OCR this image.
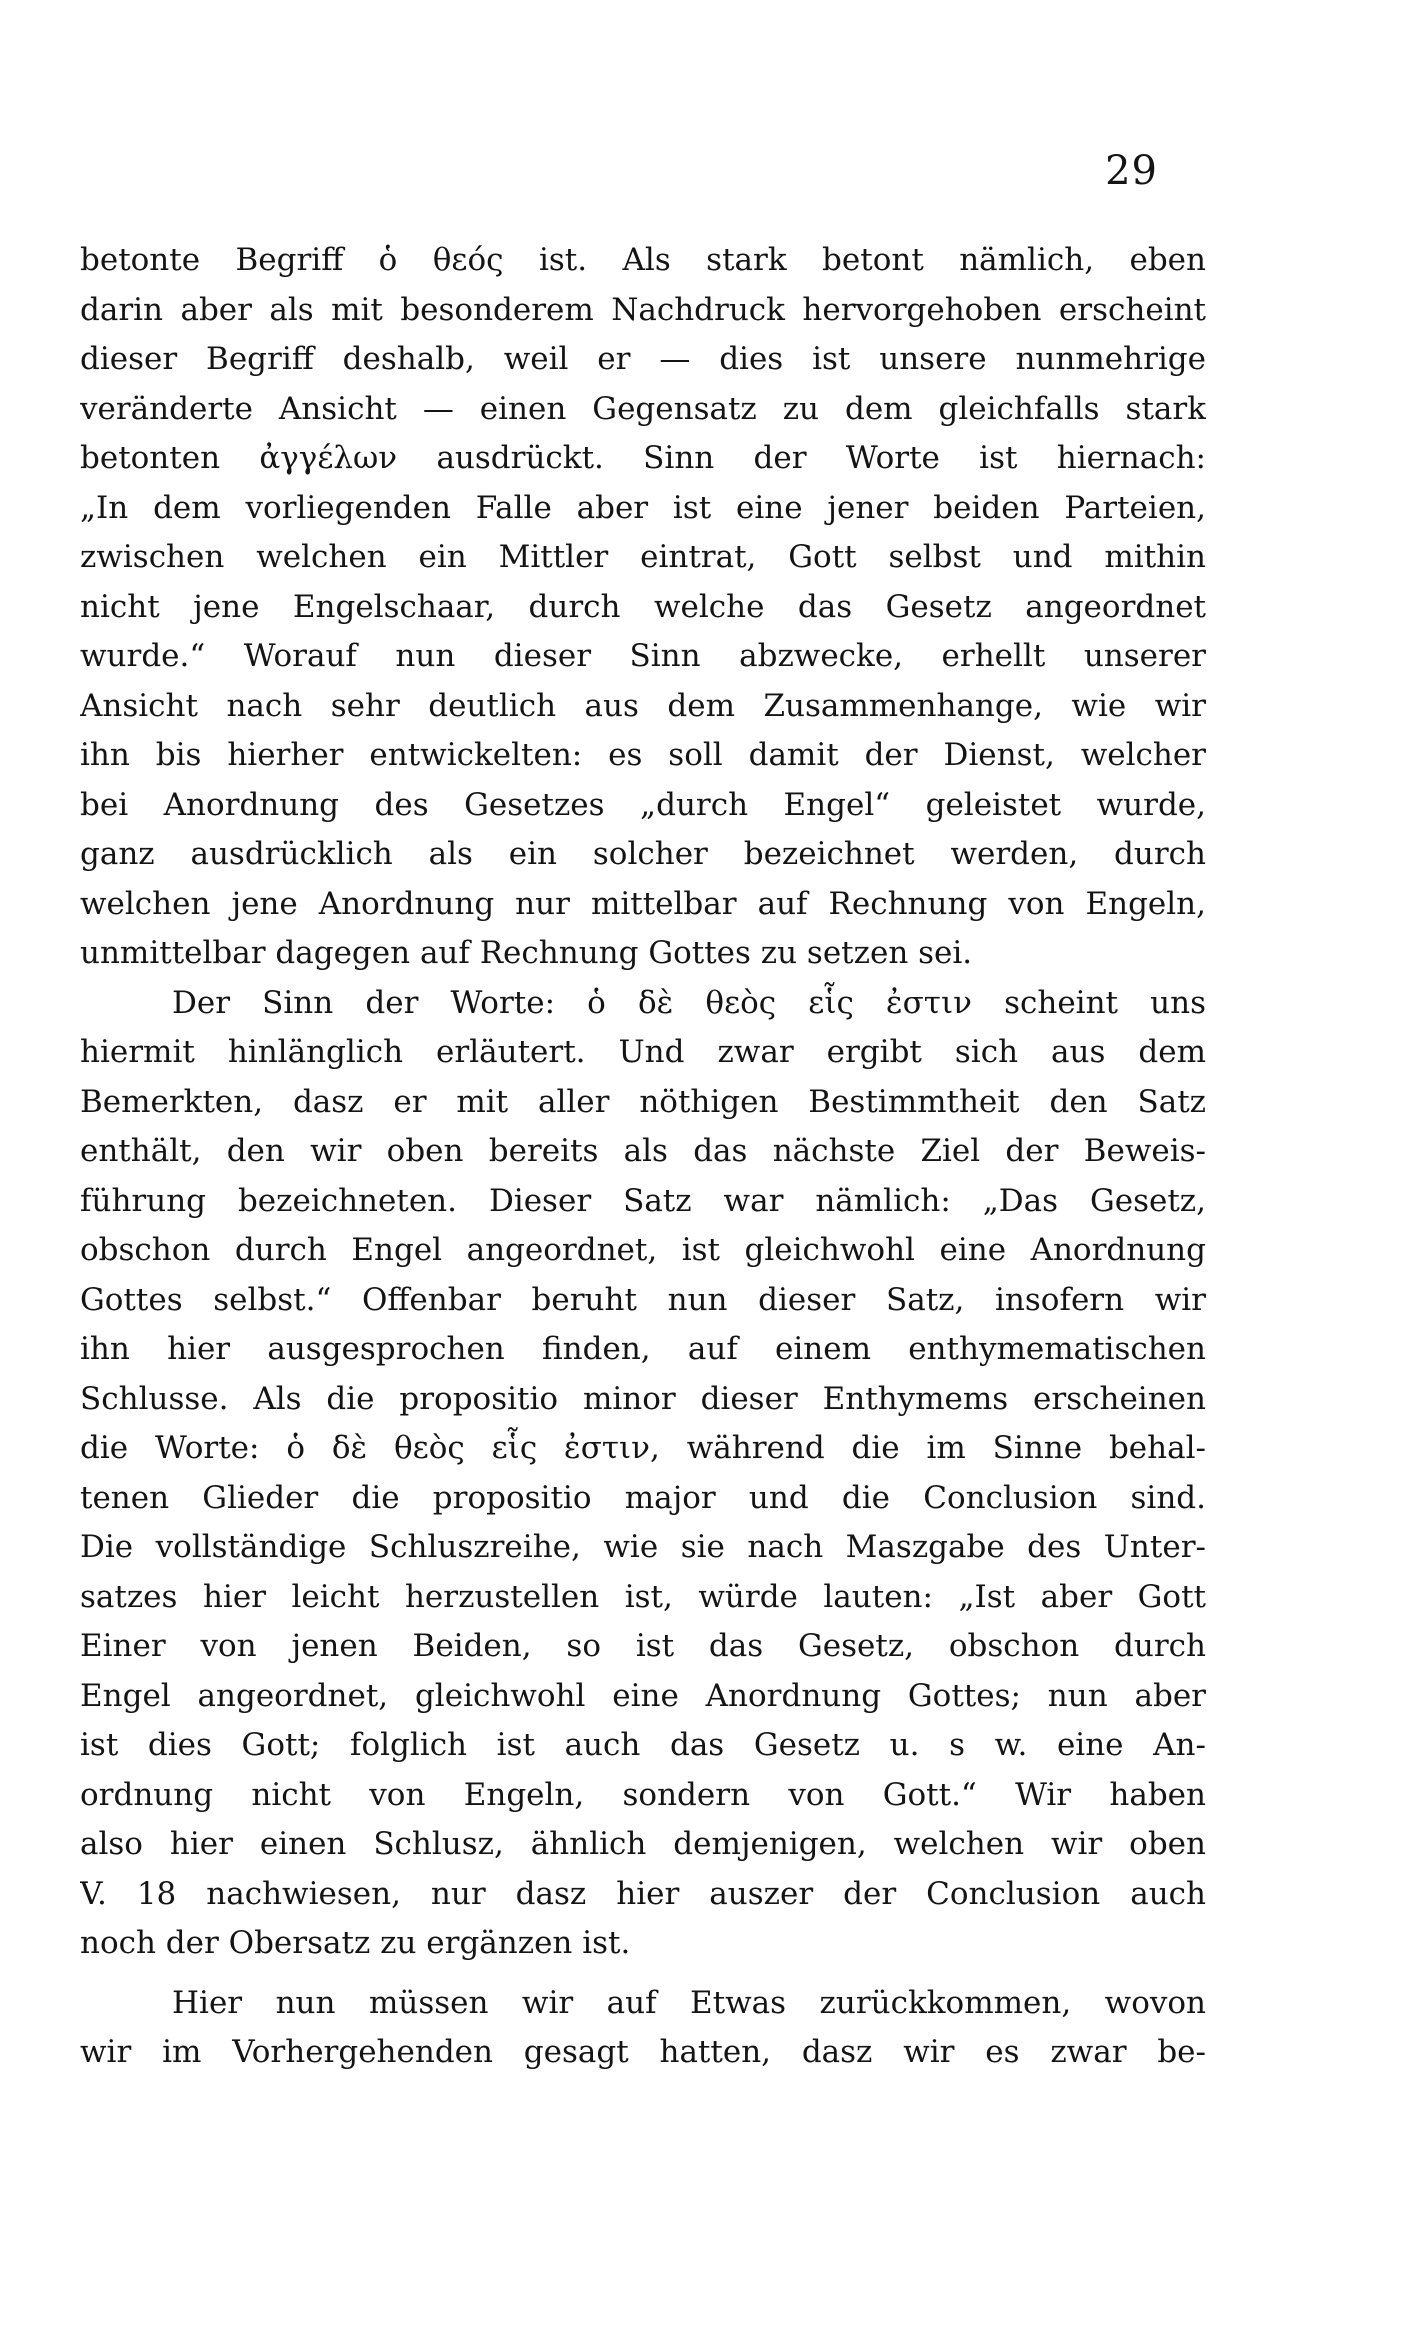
29
betonte Begriff ὁ θεός ist. Als stark betont nämlich, eben
darin aber als mit besonderem Nachdruck hervorgehoben erscheint
dieser Begriff deshalb, weil er — dies ist unsere nunmehrige
veränderte Ansicht — einen Gegensatz zu dem gleichfalls stark
betonten ἀγγέλων ausdrückt. Sinn der Worte ist hiernach:
„In dem vorliegenden Falle aber ist eine jener beiden Parteien,
zwischen welchen ein Mittler eintrat, Gott selbst und mithin
nicht jene Engelschaar, durch welche das Gesetz angeordnet
wurde.“ Worauf nun dieser Sinn abzwecke, erhellt unserer
Ansicht nach sehr deutlich aus dem Zusammenhange, wie wir
ihn bis hierher entwickelten: es soll damit der Dienst, welcher
bei Anordnung des Gesetzes „durch Engel“ geleistet wurde,
ganz ausdrücklich als ein solcher bezeichnet werden, durch
welchen jene Anordnung nur mittelbar auf Rechnung von Engeln,
unmittelbar dagegen auf Rechnung Gottes zu setzen sei.
Der Sinn der Worte: ὁ δὲ θεὸς εἷς ἐστιν scheint uns
hiermit hinlänglich erläutert. Und zwar ergibt sich aus dem
Bemerkten, dasz er mit aller nöthigen Bestimmtheit den Satz
enthält, den wir oben bereits als das nächste Ziel der Beweis-
führung bezeichneten. Dieser Satz war nämlich: „Das Gesetz,
obschon durch Engel angeordnet, ist gleichwohl eine Anordnung
Gottes selbst.“ Offenbar beruht nun dieser Satz, insofern wir
ihn hier ausgesprochen finden, auf einem enthymematischen
Schlusse. Als die propositio minor dieser Enthymems erscheinen
die Worte: ὁ δὲ θεὸς εἷς ἐστιν, während die im Sinne behal-
tenen Glieder die propositio major und die Conclusion sind.
Die vollständige Schluszreihe, wie sie nach Maszgabe des Unter-
satzes hier leicht herzustellen ist, würde lauten: „Ist aber Gott
Einer von jenen Beiden, so ist das Gesetz, obschon durch
Engel angeordnet, gleichwohl eine Anordnung Gottes; nun aber
ist dies Gott; folglich ist auch das Gesetz u. s w. eine An-
ordnung nicht von Engeln, sondern von Gott.“ Wir haben
also hier einen Schlusz, ähnlich demjenigen, welchen wir oben
V. 18 nachwiesen, nur dasz hier auszer der Conclusion auch
noch der Obersatz zu ergänzen ist.
Hier nun müssen wir auf Etwas zurückkommen, wovon
wir im Vorhergehenden gesagt hatten, dasz wir es zwar be-
